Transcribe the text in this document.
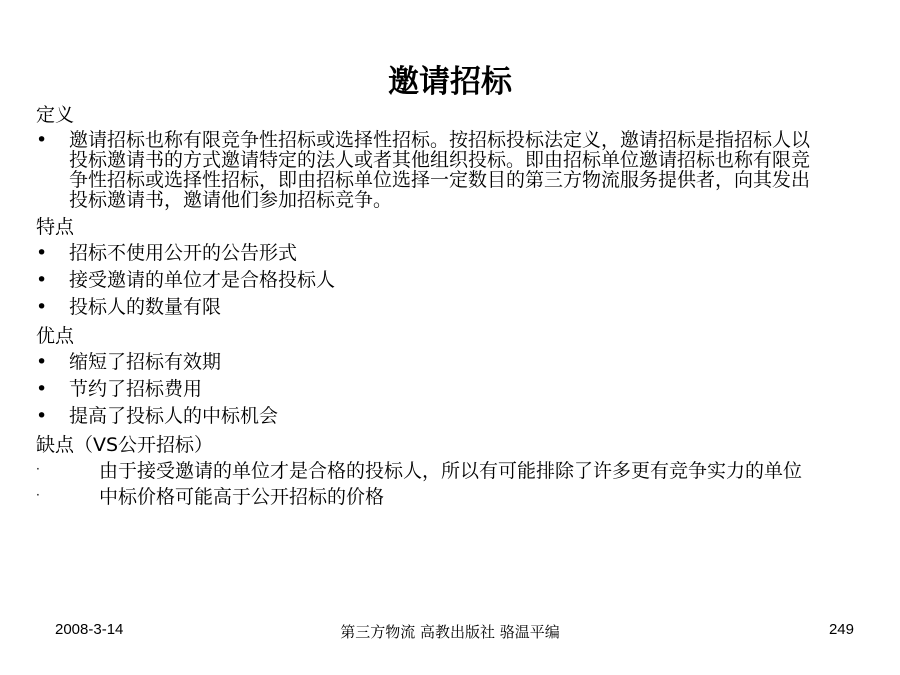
邀请招标
定义
•	邀请招标也称有限竞争性招标或选择性招标。按招标投标法定义，邀请招标是指招标人以投标邀请书的方式邀请特定的法人或者其他组织投标。即由招标单位邀请招标也称有限竞争性招标或选择性招标，即由招标单位选择一定数目的第三方物流服务提供者，向其发出投标邀请书，邀请他们参加招标竞争。
特点
•	招标不使用公开的公告形式
•	接受邀请的单位才是合格投标人
•	投标人的数量有限
优点
•	缩短了招标有效期
•	节约了招标费用
•	提高了投标人的中标机会
缺点（VS公开招标）
·	由于接受邀请的单位才是合格的投标人，所以有可能排除了许多更有竞争实力的单位
·	中标价格可能高于公开招标的价格
2008-3-14	第三方物流 高教出版社 骆温平编	249
